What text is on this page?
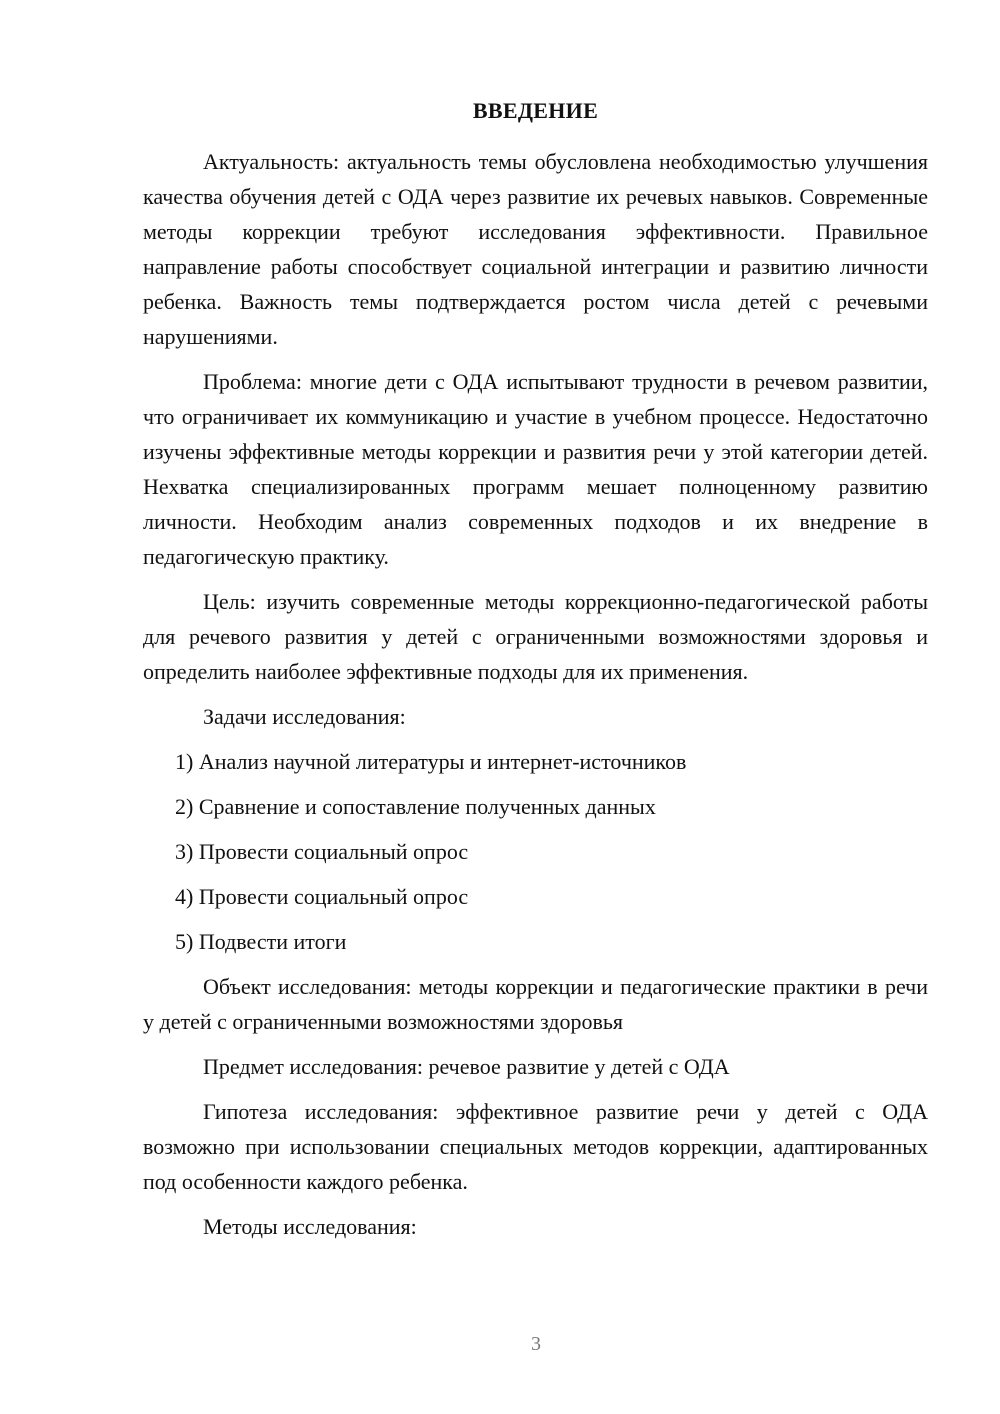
ВВЕДЕНИЕ

Актуальность: актуальность темы обусловлена необходимостью улучшения качества обучения детей с ОДА через развитие их речевых навыков. Современные методы коррекции требуют исследования эффективности. Правильное направление работы способствует социальной интеграции и развитию личности ребенка. Важность темы подтверждается ростом числа детей с речевыми нарушениями.

Проблема: многие дети с ОДА испытывают трудности в речевом развитии, что ограничивает их коммуникацию и участие в учебном процессе. Недостаточно изучены эффективные методы коррекции и развития речи у этой категории детей. Нехватка специализированных программ мешает полноценному развитию личности. Необходим анализ современных подходов и их внедрение в педагогическую практику.

Цель: изучить современные методы коррекционно-педагогической работы для речевого развития у детей с ограниченными возможностями здоровья и определить наиболее эффективные подходы для их применения.

Задачи исследования:

1) Анализ научной литературы и интернет-источников

2) Сравнение и сопоставление полученных данных

3) Провести социальный опрос

4) Провести социальный опрос

5) Подвести итоги

Объект исследования: методы коррекции и педагогические практики в речи у детей с ограниченными возможностями здоровья

Предмет исследования: речевое развитие у детей с ОДА

Гипотеза исследования: эффективное развитие речи у детей с ОДА возможно при использовании специальных методов коррекции, адаптированных под особенности каждого ребенка.

Методы исследования:

3
